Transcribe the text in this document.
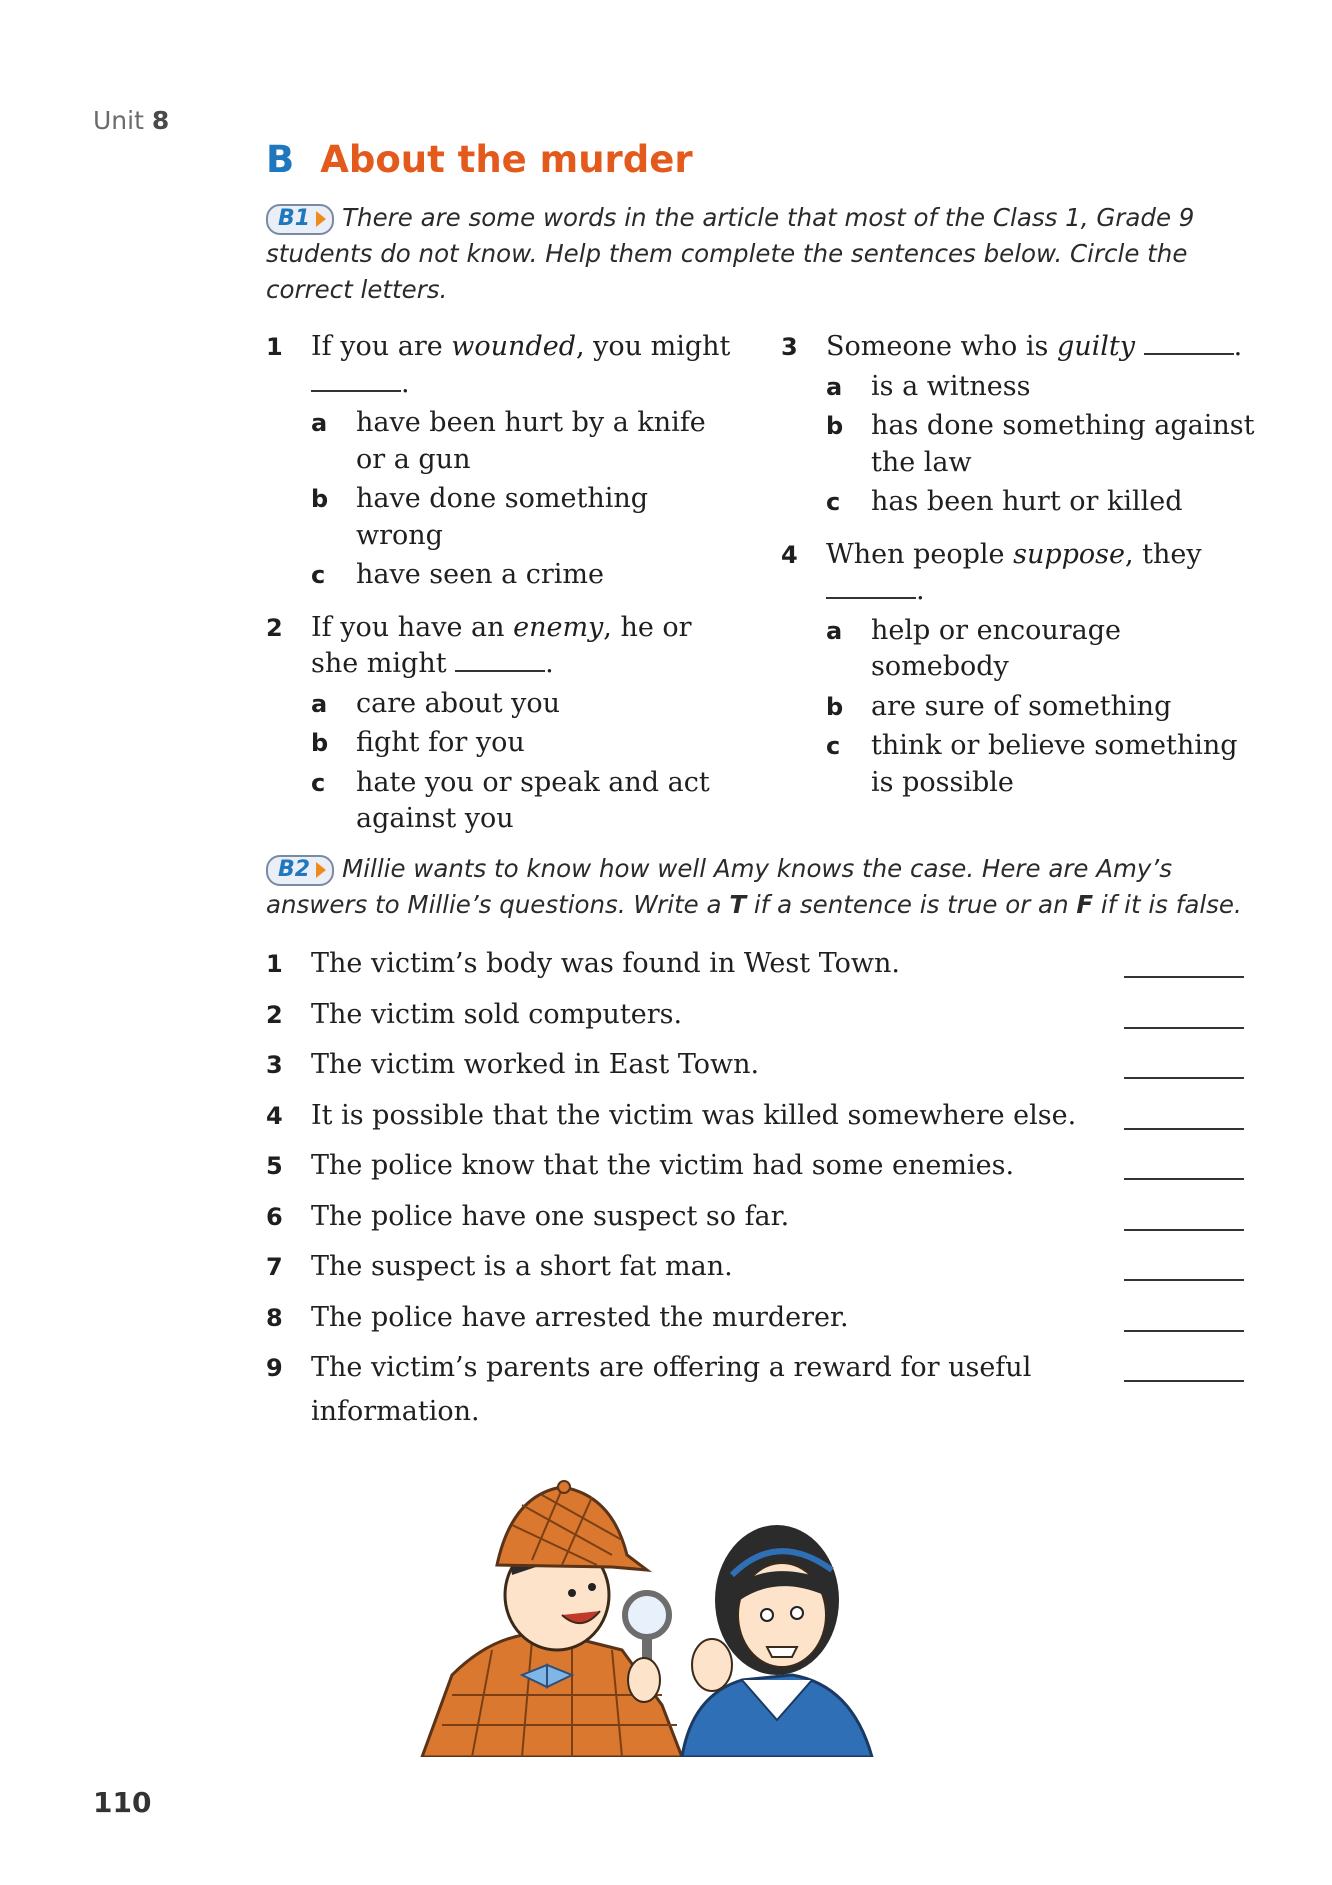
Unit 8
B About the murder
B1 There are some words in the article that most of the Class 1, Grade 9 students do not know. Help them complete the sentences below. Circle the correct letters.
1	If you are wounded, you might
.
a	have been hurt by a knife or a gun
b	have done something wrong
c	have seen a crime
2	If you have an enemy, he or she might	.
a	care about you
b	fight for you
c	hate you or speak and act against you
3	Someone who is guilty	.
a	is a witness
b	has done something against the law
c	has been hurt or killed
4	When people suppose, they
.
a	help or encourage somebody
b	are sure of something
c	think or believe something is possible
B2 Millie wants to know how well Amy knows the case. Here are Amy’s answers to Millie’s questions. Write a T if a sentence is true or an F if it is false.
1	The victim’s body was found in West Town.
2	The victim sold computers.
3	The victim worked in East Town.
4	It is possible that the victim was killed somewhere else.
5	The police know that the victim had some enemies.
6	The police have one suspect so far.
7	The suspect is a short fat man.
8	The police have arrested the murderer.
9	The victim’s parents are offering a reward for useful information.
110
